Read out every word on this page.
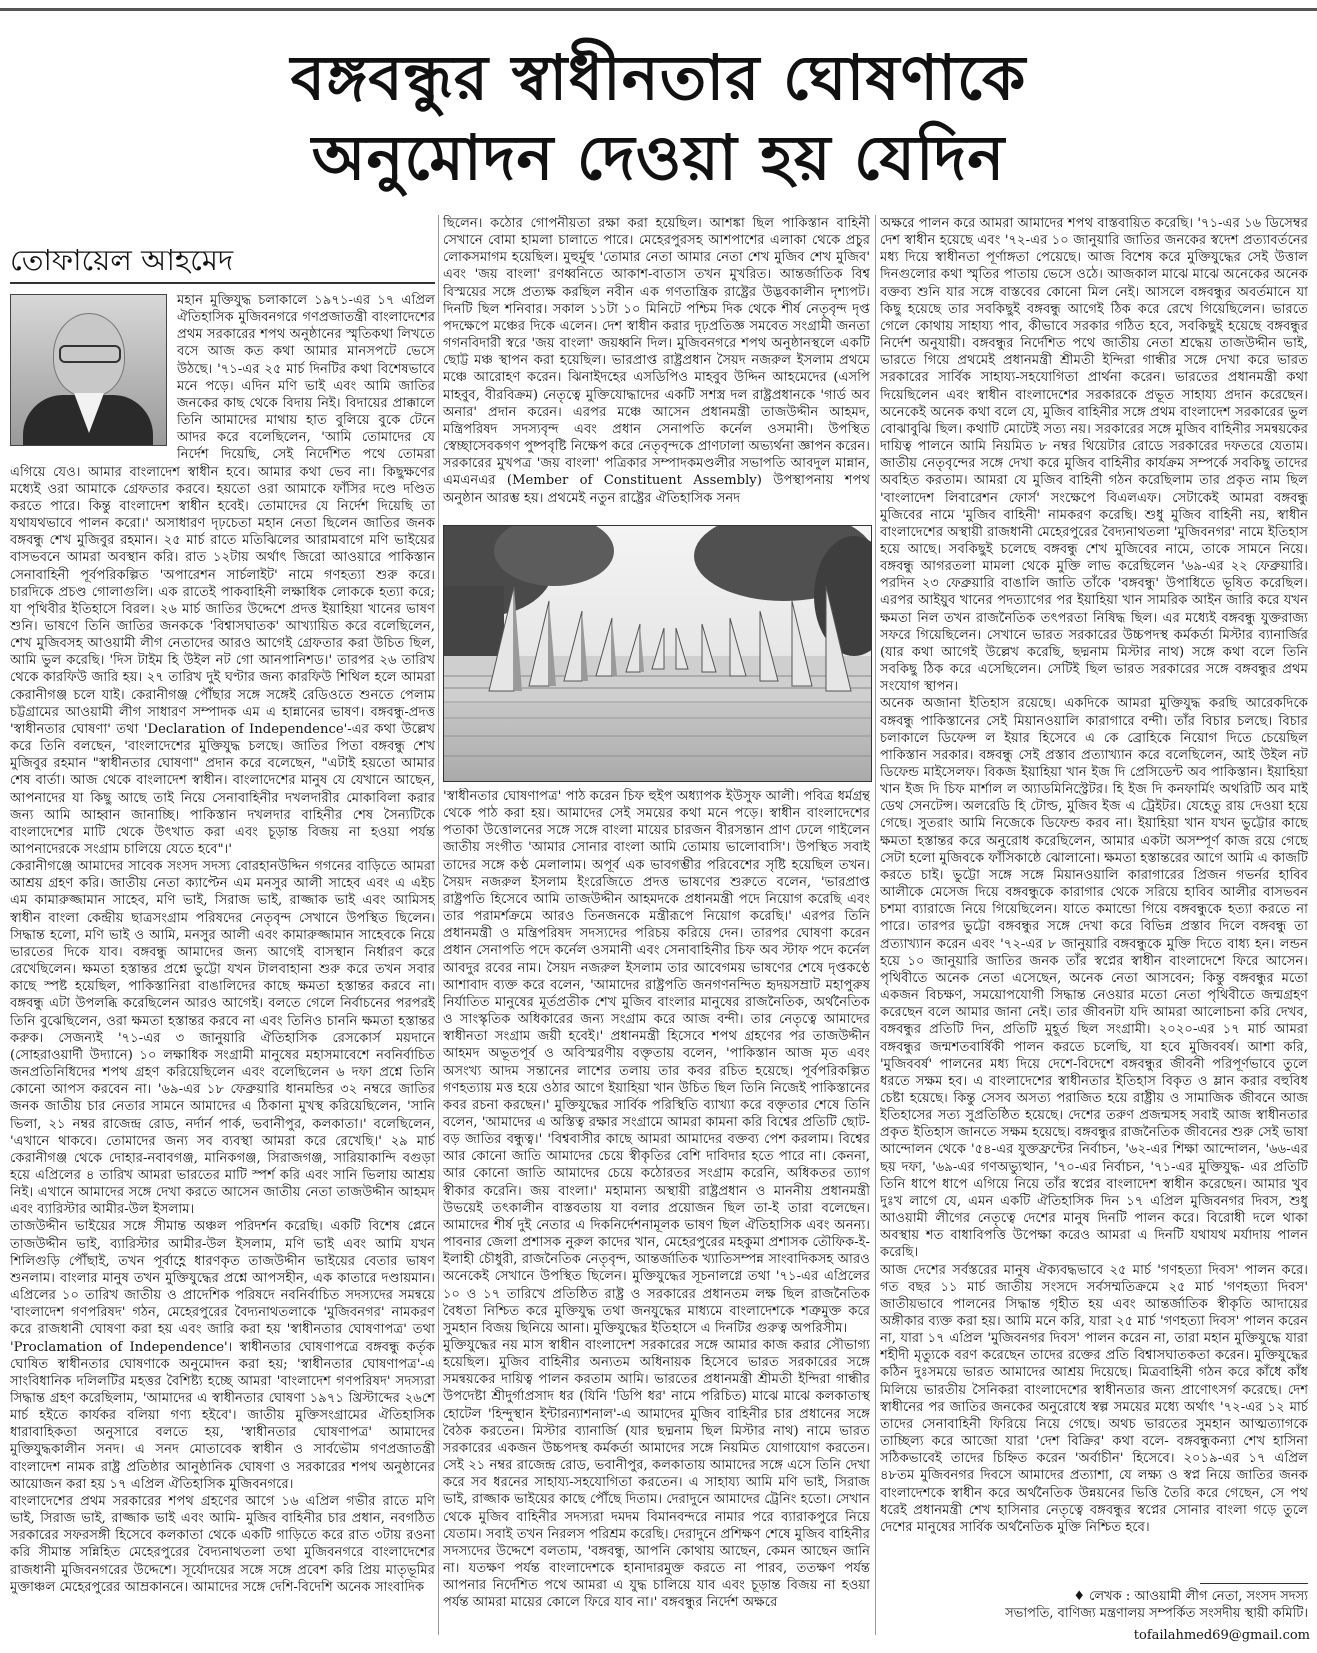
বঙ্গবন্ধুর স্বাধীনতার ঘোষণাকে
অনুমোদন দেওয়া হয় যেদিন
তোফায়েল আহমেদ

মহান মুক্তিযুদ্ধ চলাকালে ১৯৭১-এর ১৭ এপ্রিল ঐতিহাসিক মুজিবনগরে গণপ্রজাতন্ত্রী বাংলাদেশের প্রথম সরকারের শপথ অনুষ্ঠানের স্মৃতিকথা লিখতে বসে আজ কত কথা আমার মানসপটে ভেসে উঠছে। '৭১-এর ২৫ মার্চ দিনটির কথা বিশেষভাবে মনে পড়ে। এদিন মণি ভাই এবং আমি জাতির জনকের কাছ থেকে বিদায় নিই। বিদায়ের প্রাক্কালে তিনি আমাদের মাথায় হাত বুলিয়ে বুকে টেনে আদর করে বলেছিলেন, 'আমি তোমাদের যে নির্দেশ দিয়েছি, সেই নির্দেশিত পথে তোমরা এগিয়ে যেও। আমার বাংলাদেশ স্বাধীন হবে। আমার কথা ভেব না। কিছুক্ষণের মধ্যেই ওরা আমাকে গ্রেফতার করবে। হয়তো ওরা আমাকে ফাঁসির দণ্ডে দণ্ডিত করতে পারে। কিন্তু বাংলাদেশ স্বাধীন হবেই। তোমাদের যে নির্দেশ দিয়েছি তা যথাযথভাবে পালন করো।' অসাধারণ দৃঢ়চেতা মহান নেতা ছিলেন জাতির জনক বঙ্গবন্ধু শেখ মুজিবুর রহমান। ২৫ মার্চ রাতে মতিঝিলের আরামবাগে মণি ভাইয়ের বাসভবনে আমরা অবস্থান করি। রাত ১২টায় অর্থাৎ জিরো আওয়ারে পাকিস্তান সেনাবাহিনী পূর্বপরিকল্পিত 'অপারেশন সার্চলাইট' নামে গণহত্যা শুরু করে। চারদিকে প্রচণ্ড গোলাগুলি। এক রাতেই পাকবাহিনী লক্ষাধিক লোককে হত্যা করে; যা পৃথিবীর ইতিহাসে বিরল। ২৬ মার্চ জাতির উদ্দেশে প্রদত্ত ইয়াহিয়া খানের ভাষণ শুনি। ভাষণে তিনি জাতির জনককে 'বিশ্বাসঘাতক' আখ্যায়িত করে বলেছিলেন, শেখ মুজিবসহ আওয়ামী লীগ নেতাদের আরও আগেই গ্রেফতার করা উচিত ছিল, আমি ভুল করেছি। 'দিস টাইম হি উইল নট গো আনপানিশড।' তারপর ২৬ তারিখ থেকে কারফিউ জারি হয়। ২৭ তারিখ দুই ঘণ্টার জন্য কারফিউ শিথিল হলে আমরা কেরানীগঞ্জ চলে যাই। কেরানীগঞ্জ পৌঁছার সঙ্গে সঙ্গেই রেডিওতে শুনতে পেলাম চট্টগ্রামের আওয়ামী লীগ সাধারণ সম্পাদক এম এ হান্নানের ভাষণ। বঙ্গবন্ধু-প্রদত্ত 'স্বাধীনতার ঘোষণা' তথা 'Declaration of Independence'-এর কথা উল্লেখ করে তিনি বলছেন, 'বাংলাদেশের মুক্তিযুদ্ধ চলছে। জাতির পিতা বঙ্গবন্ধু শেখ মুজিবুর রহমান "স্বাধীনতার ঘোষণা" প্রদান করে বলেছেন, "এটাই হয়তো আমার শেষ বার্তা। আজ থেকে বাংলাদেশ স্বাধীন। বাংলাদেশের মানুষ যে যেখানে আছেন, আপনাদের যা কিছু আছে তাই নিয়ে সেনাবাহিনীর দখলদারীর মোকাবিলা করার জন্য আমি আহ্বান জানাচ্ছি। পাকিস্তান দখলদার বাহিনীর শেষ সৈন্যটিকে বাংলাদেশের মাটি থেকে উৎখাত করা এবং চূড়ান্ত বিজয় না হওয়া পর্যন্ত আপনাদেরকে সংগ্রাম চালিয়ে যেতে হবে"।'

কেরানীগঞ্জে আমাদের সাবেক সংসদ সদস্য বোরহানউদ্দিন গগনের বাড়িতে আমরা আশ্রয় গ্রহণ করি। জাতীয় নেতা ক্যাপ্টেন এম মনসুর আলী সাহেব এবং এ এইচ এম কামারুজ্জামান সাহেব, মণি ভাই, সিরাজ ভাই, রাজ্জাক ভাই এবং আমিসহ স্বাধীন বাংলা কেন্দ্রীয় ছাত্রসংগ্রাম পরিষদের নেতৃবৃন্দ সেখানে উপস্থিত ছিলেন। সিদ্ধান্ত হলো, মণি ভাই ও আমি, মনসুর আলী এবং কামারুজ্জামান সাহেবকে নিয়ে ভারতের দিকে যাব। বঙ্গবন্ধু আমাদের জন্য আগেই বাসস্থান নির্ধারণ করে রেখেছিলেন। ক্ষমতা হস্তান্তর প্রশ্নে ভুট্টো যখন টালবাহানা শুরু করে তখন সবার কাছে স্পষ্ট হয়েছিল, পাকিস্তানিরা বাঙালিদের কাছে ক্ষমতা হস্তান্তর করবে না। বঙ্গবন্ধু এটা উপলব্ধি করেছিলেন আরও আগেই। বলতে গেলে নির্বাচনের পরপরই তিনি বুঝেছিলেন, ওরা ক্ষমতা হস্তান্তর করবে না এবং তিনিও চাননি ক্ষমতা হস্তান্তর করুক। সেজন্যই '৭১-এর ৩ জানুয়ারি ঐতিহাসিক রেসকোর্স ময়দানে (সোহরাওয়ার্দী উদ্যানে) ১০ লক্ষাধিক সংগ্রামী মানুষের মহাসমাবেশে নবনির্বাচিত জনপ্রতিনিধিদের শপথ গ্রহণ করিয়েছিলেন এবং বলেছিলেন ৬ দফা প্রশ্নে তিনি কোনো আপস করবেন না। '৬৯-এর ১৮ ফেব্রুয়ারি ধানমন্ডির ৩২ নম্বরে জাতির জনক জাতীয় চার নেতার সামনে আমাদের এ ঠিকানা মুখস্থ করিয়েছিলেন, 'সানি ভিলা, ২১ নম্বর রাজেন্দ্র রোড, নর্দার্ন পার্ক, ভবানীপুর, কলকাতা।' বলেছিলেন, 'এখানে থাকবে। তোমাদের জন্য সব ব্যবস্থা আমরা করে রেখেছি।' ২৯ মার্চ কেরানীগঞ্জ থেকে দোহার-নবাবগঞ্জ, মানিকগঞ্জ, সিরাজগঞ্জ, সারিয়াকান্দি বগুড়া হয়ে এপ্রিলের ৪ তারিখ আমরা ভারতের মাটি স্পর্শ করি এবং সানি ভিলায় আশ্রয় নিই। এখানে আমাদের সঙ্গে দেখা করতে আসেন জাতীয় নেতা তাজউদ্দীন আহমদ এবং ব্যারিস্টার আমীর-উল ইসলাম।

তাজউদ্দীন ভাইয়ের সঙ্গে সীমান্ত অঞ্চল পরিদর্শন করেছি। একটি বিশেষ প্লেনে তাজউদ্দীন ভাই, ব্যারিস্টার আমীর-উল ইসলাম, মণি ভাই এবং আমি যখন শিলিগুড়ি পৌঁছাই, তখন পূর্বাহ্ণে ধারণকৃত তাজউদ্দীন ভাইয়ের বেতার ভাষণ শুনলাম। বাংলার মানুষ তখন মুক্তিযুদ্ধের প্রশ্নে আপসহীন, এক কাতারে দণ্ডায়মান। এপ্রিলের ১০ তারিখ জাতীয় ও প্রাদেশিক পরিষদে নবনির্বাচিত সদস্যদের সমন্বয়ে 'বাংলাদেশ গণপরিষদ' গঠন, মেহেরপুরের বৈদ্যনাথতলাকে 'মুজিবনগর' নামকরণ করে রাজধানী ঘোষণা করা হয় এবং জারি করা হয় 'স্বাধীনতার ঘোষণাপত্র' তথা 'Proclamation of Independence'। স্বাধীনতার ঘোষণাপত্রে বঙ্গবন্ধু কর্তৃক ঘোষিত স্বাধীনতার ঘোষণাকে অনুমোদন করা হয়; 'স্বাধীনতার ঘোষণাপত্র'-এ সাংবিধানিক দলিলটির মহত্তর বৈশিষ্ট্য হচ্ছে আমরা 'বাংলাদেশ গণপরিষদ' সদস্যরা সিদ্ধান্ত গ্রহণ করেছিলাম, 'আমাদের এ স্বাধীনতার ঘোষণা ১৯৭১ খ্রিস্টাব্দের ২৬শে মার্চ হইতে কার্যকর বলিয়া গণ্য হইবে'। জাতীয় মুক্তিসংগ্রামের ঐতিহাসিক ধারাবাহিকতা অনুসারে বলতে হয়, 'স্বাধীনতার ঘোষণাপত্র' আমাদের মুক্তিযুদ্ধকালীন সনদ। এ সনদ মোতাবেক স্বাধীন ও সার্বভৌম গণপ্রজাতন্ত্রী বাংলাদেশ নামক রাষ্ট্র প্রতিষ্ঠার আনুষ্ঠানিক ঘোষণা ও সরকারের শপথ অনুষ্ঠানের আয়োজন করা হয় ১৭ এপ্রিল ঐতিহাসিক মুজিবনগরে।

বাংলাদেশের প্রথম সরকারের শপথ গ্রহণের আগে ১৬ এপ্রিল গভীর রাতে মণি ভাই, সিরাজ ভাই, রাজ্জাক ভাই এবং আমি- মুজিব বাহিনীর চার প্রধান, নবগঠিত সরকারের সফরসঙ্গী হিসেবে কলকাতা থেকে একটি গাড়িতে করে রাত ৩টায় রওনা করি সীমান্ত সন্নিহিত মেহেরপুরের বৈদ্যনাথতলা তথা মুজিবনগরে বাংলাদেশের রাজধানী মুজিবনগরের উদ্দেশে। সূর্যোদয়ের সঙ্গে সঙ্গে প্রবেশ করি প্রিয় মাতৃভূমির মুক্তাঞ্চল মেহেরপুরের আম্রকাননে। আমাদের সঙ্গে দেশি-বিদেশি অনেক সাংবাদিক

ছিলেন। কঠোর গোপনীয়তা রক্ষা করা হয়েছিল। আশঙ্কা ছিল পাকিস্তান বাহিনী সেখানে বোমা হামলা চালাতে পারে। মেহেরপুরসহ আশপাশের এলাকা থেকে প্রচুর লোকসমাগম হয়েছিল। মুহুর্মুহু 'তোমার নেতা আমার নেতা শেখ মুজিব শেখ মুজিব' এবং 'জয় বাংলা' রণধ্বনিতে আকাশ-বাতাস তখন মুখরিত। আন্তর্জাতিক বিশ্ব বিস্ময়ের সঙ্গে প্রত্যক্ষ করছিল নবীন এক গণতান্ত্রিক রাষ্ট্রের উদ্ভবকালীন দৃশ্যপট। দিনটি ছিল শনিবার। সকাল ১১টা ১০ মিনিটে পশ্চিম দিক থেকে শীর্ষ নেতৃবৃন্দ দৃপ্ত পদক্ষেপে মঞ্চের দিকে এলেন। দেশ স্বাধীন করার দৃঢ়প্রতিজ্ঞ সমবেত সংগ্রামী জনতা গগনবিদারী স্বরে 'জয় বাংলা' জয়ধ্বনি দিল। মুজিবনগরে শপথ অনুষ্ঠানস্থলে একটি ছোট্ট মঞ্চ স্থাপন করা হয়েছিল। ভারপ্রাপ্ত রাষ্ট্রপ্রধান সৈয়দ নজরুল ইসলাম প্রথমে মঞ্চে আরোহণ করেন। ঝিনাইদহের এসডিপিও মাহবুব উদ্দিন আহমেদের (এসপি মাহবুব, বীরবিক্রম) নেতৃত্বে মুক্তিযোদ্ধাদের একটি সশস্ত্র দল রাষ্ট্রপ্রধানকে 'গার্ড অব অনার' প্রদান করেন। এরপর মঞ্চে আসেন প্রধানমন্ত্রী তাজউদ্দীন আহমদ, মন্ত্রিপরিষদ সদস্যবৃন্দ এবং প্রধান সেনাপতি কর্নেল ওসমানী। উপস্থিত স্বেচ্ছাসেবকগণ পুষ্পবৃষ্টি নিক্ষেপ করে নেতৃবৃন্দকে প্রাণঢালা অভ্যর্থনা জ্ঞাপন করেন। সরকারের মুখপত্র 'জয় বাংলা' পত্রিকার সম্পাদকমণ্ডলীর সভাপতি আবদুল মান্নান, এমএনএর (Member of Constituent Assembly) উপস্থাপনায় শপথ অনুষ্ঠান আরম্ভ হয়। প্রথমেই নতুন রাষ্ট্রের ঐতিহাসিক সনদ

'স্বাধীনতার ঘোষণাপত্র' পাঠ করেন চিফ হুইপ অধ্যাপক ইউসুফ আলী। পবিত্র ধর্মগ্রন্থ থেকে পাঠ করা হয়। আমাদের সেই সময়ের কথা মনে পড়ে। স্বাধীন বাংলাদেশের পতাকা উত্তোলনের সঙ্গে সঙ্গে বাংলা মায়ের চারজন বীরসন্তান প্রাণ ঢেলে গাইলেন জাতীয় সংগীত 'আমার সোনার বাংলা আমি তোমায় ভালোবাসি'। উপস্থিত সবাই তাদের সঙ্গে কণ্ঠ মেলালাম। অপূর্ব এক ভাবগম্ভীর পরিবেশের সৃষ্টি হয়েছিল তখন। সৈয়দ নজরুল ইসলাম ইংরেজিতে প্রদত্ত ভাষণের শুরুতে বলেন, 'ভারপ্রাপ্ত রাষ্ট্রপতি হিসেবে আমি তাজউদ্দীন আহমদকে প্রধানমন্ত্রী পদে নিয়োগ করেছি এবং তার পরামর্শক্রমে আরও তিনজনকে মন্ত্রীরূপে নিয়োগ করেছি।' এরপর তিনি প্রধানমন্ত্রী ও মন্ত্রিপরিষদ সদস্যদের পরিচয় করিয়ে দেন। তারপর ঘোষণা করেন প্রধান সেনাপতি পদে কর্নেল ওসমানী এবং সেনাবাহিনীর চিফ অব স্টাফ পদে কর্নেল আবদুর রবের নাম। সৈয়দ নজরুল ইসলাম তার আবেগময় ভাষণের শেষে দৃপ্তকণ্ঠে আশাবাদ ব্যক্ত করে বলেন, 'আমাদের রাষ্ট্রপতি জনগণনন্দিত হৃদয়সম্রাট মহাপুরুষ নির্যাতিত মানুষের মূর্তপ্রতীক শেখ মুজিব বাংলার মানুষের রাজনৈতিক, অর্থনৈতিক ও সাংস্কৃতিক অধিকারের জন্য সংগ্রাম করে আজ বন্দী। তার নেতৃত্বে আমাদের স্বাধীনতা সংগ্রাম জয়ী হবেই।' প্রধানমন্ত্রী হিসেবে শপথ গ্রহণের পর তাজউদ্দীন আহমদ অভূতপূর্ব ও অবিস্মরণীয় বক্তৃতায় বলেন, 'পাকিস্তান আজ মৃত এবং অসংখ্য আদম সন্তানের লাশের তলায় তার কবর রচিত হয়েছে। পূর্বপরিকল্পিত গণহত্যায় মত্ত হয়ে ওঠার আগে ইয়াহিয়া খান উচিত ছিল তিনি নিজেই পাকিস্তানের কবর রচনা করছেন।' মুক্তিযুদ্ধের সার্বিক পরিস্থিতি ব্যাখ্যা করে বক্তৃতার শেষে তিনি বলেন, 'আমাদের এ অস্তিত্ব রক্ষার সংগ্রামে আমরা কামনা করি বিশ্বের প্রতিটি ছোট-বড় জাতির বন্ধুত্ব।' 'বিশ্ববাসীর কাছে আমরা আমাদের বক্তব্য পেশ করলাম। বিশ্বের আর কোনো জাতি আমাদের চেয়ে স্বীকৃতির বেশি দাবিদার হতে পারে না। কেননা, আর কোনো জাতি আমাদের চেয়ে কঠোরতর সংগ্রাম করেনি, অধিকতর ত্যাগ স্বীকার করেনি। জয় বাংলা।' মহামান্য অস্থায়ী রাষ্ট্রপ্রধান ও মাননীয় প্রধানমন্ত্রী উভয়েই তৎকালীন বাস্তবতায় যা বলার প্রয়োজন ছিল তা-ই তারা বলেছেন। আমাদের শীর্ষ দুই নেতার এ দিকনির্দেশনামূলক ভাষণ ছিল ঐতিহাসিক এবং অনন্য। পাবনার জেলা প্রশাসক নুরুল কাদের খান, মেহেরপুরের মহকুমা প্রশাসক তৌফিক-ই-ইলাহী চৌধুরী, রাজনৈতিক নেতৃবৃন্দ, আন্তর্জাতিক খ্যাতিসম্পন্ন সাংবাদিকসহ আরও অনেকেই সেখানে উপস্থিত ছিলেন। মুক্তিযুদ্ধের সূচনালগ্নে তথা '৭১-এর এপ্রিলের ১০ ও ১৭ তারিখে প্রতিষ্ঠিত রাষ্ট্র ও সরকারের প্রধানতম লক্ষ ছিল রাজনৈতিক বৈধতা নিশ্চিত করে মুক্তিযুদ্ধ তথা জনযুদ্ধের মাধ্যমে বাংলাদেশকে শত্রুমুক্ত করে সুমহান বিজয় ছিনিয়ে আনা। মুক্তিযুদ্ধের ইতিহাসে এ দিনটির গুরুত্ব অপরিসীম।

মুক্তিযুদ্ধের নয় মাস স্বাধীন বাংলাদেশ সরকারের সঙ্গে আমার কাজ করার সৌভাগ্য হয়েছিল। মুজিব বাহিনীর অন্যতম অধিনায়ক হিসেবে ভারত সরকারের সঙ্গে সমন্বয়কের দায়িত্ব পালন করতাম আমি। ভারতের প্রধানমন্ত্রী শ্রীমতী ইন্দিরা গান্ধীর উপদেষ্টা শ্রীদুর্গাপ্রসাদ ধর (যিনি 'ডিপি ধর' নামে পরিচিত) মাঝে মাঝে কলকাতাস্থ হোটেল 'হিন্দুস্থান ইন্টারন্যাশনাল'-এ আমাদের মুজিব বাহিনীর চার প্রধানের সঙ্গে বৈঠক করতেন। মিস্টার ব্যানার্জি (যার ছদ্মনাম ছিল মিস্টার নাথ) নামে ভারত সরকারের একজন উচ্চপদস্থ কর্মকর্তা আমাদের সঙ্গে নিয়মিত যোগাযোগ করতেন। সেই ২১ নম্বর রাজেন্দ্র রোড, ভবানীপুর, কলকাতায় আমাদের সঙ্গে এসে তিনি দেখা করে সব ধরনের সাহায্য-সহযোগিতা করতেন। এ সাহায্য আমি মণি ভাই, সিরাজ ভাই, রাজ্জাক ভাইয়ের কাছে পৌঁছে দিতাম। দেরাদুনে আমাদের ট্রেনিং হতো। সেখান থেকে মুজিব বাহিনীর সদস্যরা দমদম বিমানবন্দরে নামার পরে ব্যারাকপুরে নিয়ে যেতাম। সবাই তখন নিরলস পরিশ্রম করেছি। দেরাদুনে প্রশিক্ষণ শেষে মুজিব বাহিনীর সদস্যদের উদ্দেশে বলতাম, 'বঙ্গবন্ধু, আপনি কোথায় আছেন, কেমন আছেন জানি না। যতক্ষণ পর্যন্ত বাংলাদেশকে হানাদারমুক্ত করতে না পারব, ততক্ষণ পর্যন্ত আপনার নির্দেশিত পথে আমরা এ যুদ্ধ চালিয়ে যাব এবং চূড়ান্ত বিজয় না হওয়া পর্যন্ত আমরা মায়ের কোলে ফিরে যাব না।' বঙ্গবন্ধুর নির্দেশ অক্ষরে

অক্ষরে পালন করে আমরা আমাদের শপথ বাস্তবায়িত করেছি। '৭১-এর ১৬ ডিসেম্বর দেশ স্বাধীন হয়েছে এবং '৭২-এর ১০ জানুয়ারি জাতির জনকের স্বদেশ প্রত্যাবর্তনের মধ্য দিয়ে স্বাধীনতা পূর্ণাঙ্গতা পেয়েছে। আজ বিশেষ করে মুক্তিযুদ্ধের সেই উত্তাল দিনগুলোর কথা স্মৃতির পাতায় ভেসে ওঠে। আজকাল মাঝে মাঝে অনেকের অনেক বক্তব্য শুনি যার সঙ্গে বাস্তবের কোনো মিল নেই। আসলে বঙ্গবন্ধুর অবর্তমানে যা কিছু হয়েছে তার সবকিছুই বঙ্গবন্ধু আগেই ঠিক করে রেখে গিয়েছিলেন। ভারতে গেলে কোথায় সাহায্য পাব, কীভাবে সরকার গঠিত হবে, সবকিছুই হয়েছে বঙ্গবন্ধুর নির্দেশ অনুযায়ী। বঙ্গবন্ধুর নির্দেশিত পথে জাতীয় নেতা শ্রদ্ধেয় তাজউদ্দীন ভাই, ভারতে গিয়ে প্রথমেই প্রধানমন্ত্রী শ্রীমতী ইন্দিরা গান্ধীর সঙ্গে দেখা করে ভারত সরকারের সার্বিক সাহায্য-সহযোগিতা প্রার্থনা করেন। ভারতের প্রধানমন্ত্রী কথা দিয়েছিলেন এবং স্বাধীন বাংলাদেশের সরকারকে প্রভূত সাহায্য প্রদান করেছেন। অনেকেই অনেক কথা বলে যে, মুজিব বাহিনীর সঙ্গে প্রথম বাংলাদেশ সরকারের ভুল বোঝাবুঝি ছিল। কথাটি মোটেই সত্য নয়। সরকারের সঙ্গে মুজিব বাহিনীর সমন্বয়কের দায়িত্ব পালনে আমি নিয়মিত ৮ নম্বর থিয়েটার রোডে সরকারের দফতরে যেতাম। জাতীয় নেতৃবৃন্দের সঙ্গে দেখা করে মুজিব বাহিনীর কার্যক্রম সম্পর্কে সবকিছু তাদের অবহিত করতাম। আমরা যে মুজিব বাহিনী গঠন করেছিলাম তার প্রকৃত নাম ছিল 'বাংলাদেশ লিবারেশন ফোর্স' সংক্ষেপে বিএলএফ। সেটাকেই আমরা বঙ্গবন্ধু মুজিবের নামে 'মুজিব বাহিনী' নামকরণ করেছি। শুধু মুজিব বাহিনী নয়, স্বাধীন বাংলাদেশের অস্থায়ী রাজধানী মেহেরপুরের বৈদ্যনাথতলা 'মুজিবনগর' নামে ইতিহাস হয়ে আছে। সবকিছুই চলেছে বঙ্গবন্ধু শেখ মুজিবের নামে, তাকে সামনে নিয়ে। বঙ্গবন্ধু আগরতলা মামলা থেকে মুক্তি লাভ করেছিলেন '৬৯-এর ২২ ফেব্রুয়ারি। পরদিন ২৩ ফেব্রুয়ারি বাঙালি জাতি তাঁকে 'বঙ্গবন্ধু' উপাধিতে ভূষিত করেছিল। এরপর আইয়ুব খানের পদত্যাগের পর ইয়াহিয়া খান সামরিক আইন জারি করে যখন ক্ষমতা নিল তখন রাজনৈতিক তৎপরতা নিষিদ্ধ ছিল। এর মধ্যেই বঙ্গবন্ধু যুক্তরাজ্য সফরে গিয়েছিলেন। সেখানে ভারত সরকারের উচ্চপদস্থ কর্মকর্তা মিস্টার ব্যানার্জির (যার কথা আগেই উল্লেখ করেছি, ছদ্মনাম মিস্টার নাথ) সঙ্গে কথা বলে তিনি সবকিছু ঠিক করে এসেছিলেন। সেটিই ছিল ভারত সরকারের সঙ্গে বঙ্গবন্ধুর প্রথম সংযোগ স্থাপন।

অনেক অজানা ইতিহাস রয়েছে। একদিকে আমরা মুক্তিযুদ্ধ করছি আরেকদিকে বঙ্গবন্ধু পাকিস্তানের সেই মিয়ানওয়ালি কারাগারে বন্দী। তাঁর বিচার চলছে। বিচার চলাকালে ডিফেন্স ল ইয়ার হিসেবে এ কে ব্রোহিকে নিয়োগ দিতে চেয়েছিল পাকিস্তান সরকার। বঙ্গবন্ধু সেই প্রস্তাব প্রত্যাখ্যান করে বলেছিলেন, আই উইল নট ডিফেন্ড মাইসেলফ। বিকজ ইয়াহিয়া খান ইজ দি প্রেসিডেন্ট অব পাকিস্তান। ইয়াহিয়া খান ইজ দি চিফ মার্শাল ল অ্যাডমিনিস্ট্রেটর। হি ইজ দি কনফার্মিং অথরিটি অব মাই ডেথ সেনটেন্স। অলরেডি হি টোল্ড, মুজিব ইজ এ ট্রেইটর। যেহেতু রায় দেওয়া হয়ে গেছে। সুতরাং আমি নিজেকে ডিফেন্ড করব না। ইয়াহিয়া খান যখন ভুট্টোর কাছে ক্ষমতা হস্তান্তর করে অনুরোধ করেছিলেন, আমার একটা অসম্পূর্ণ কাজ রয়ে গেছে সেটা হলো মুজিবকে ফাঁসিকাষ্ঠে ঝোলানো। ক্ষমতা হস্তান্তরের আগে আমি এ কাজটি করতে চাই। ভুট্টো সঙ্গে সঙ্গে মিয়ানওয়ালি কারাগারের প্রিজন গভর্নর হাবিব আলীকে মেসেজ দিয়ে বঙ্গবন্ধুকে কারাগার থেকে সরিয়ে হাবিব আলীর বাসভবন চশমা ব্যারাজে নিয়ে গিয়েছিলেন। যাতে কমান্ডো গিয়ে বঙ্গবন্ধুকে হত্যা করতে না পারে। তারপর ভুট্টো বঙ্গবন্ধুর সঙ্গে দেখা করে বিভিন্ন প্রস্তাব দিলে বঙ্গবন্ধু তা প্রত্যাখ্যান করেন এবং '৭২-এর ৮ জানুয়ারি বঙ্গবন্ধুকে মুক্তি দিতে বাধ্য হন। লন্ডন হয়ে ১০ জানুয়ারি জাতির জনক তাঁর স্বপ্নের স্বাধীন বাংলাদেশে ফিরে আসেন। পৃথিবীতে অনেক নেতা এসেছেন, অনেক নেতা আসবেন; কিন্তু বঙ্গবন্ধুর মতো একজন বিচক্ষণ, সময়োপযোগী সিদ্ধান্ত নেওয়ার মতো নেতা পৃথিবীতে জন্মগ্রহণ করেছেন বলে আমার জানা নেই। তার জীবনটা যদি আমরা আলোচনা করি দেখব, বঙ্গবন্ধুর প্রতিটি দিন, প্রতিটি মুহূর্ত ছিল সংগ্রামী। ২০২০-এর ১৭ মার্চ আমরা বঙ্গবন্ধুর জন্মশতবার্ষিকী পালন করতে চলেছি, যা হবে মুজিববর্ষ। আশা করি, 'মুজিববর্ষ' পালনের মধ্য দিয়ে দেশে-বিদেশে বঙ্গবন্ধুর জীবনী পরিপূর্ণভাবে তুলে ধরতে সক্ষম হব। এ বাংলাদেশের স্বাধীনতার ইতিহাস বিকৃত ও ম্লান করার বহুবিধ চেষ্টা হয়েছে। কিন্তু সেসব অসত্য পরাজিত হয়ে রাষ্ট্রীয় ও সামাজিক জীবনে আজ ইতিহাসের সত্য সুপ্রতিষ্ঠিত হয়েছে। দেশের তরুণ প্রজন্মসহ সবাই আজ স্বাধীনতার প্রকৃত ইতিহাস জানতে সক্ষম হয়েছে। বঙ্গবন্ধুর রাজনৈতিক জীবনের শুরু সেই ভাষা আন্দোলন থেকে '৫৪-এর যুক্তফ্রন্টের নির্বাচন, '৬২-এর শিক্ষা আন্দোলন, '৬৬-এর ছয় দফা, '৬৯-এর গণঅভ্যুত্থান, '৭০-এর নির্বাচন, '৭১-এর মুক্তিযুদ্ধ- এর প্রতিটি তিনি ধাপে ধাপে এগিয়ে নিয়ে তাঁর স্বপ্নের বাংলাদেশ স্বাধীন করেছেন। আমার খুব দুঃখ লাগে যে, এমন একটি ঐতিহাসিক দিন ১৭ এপ্রিল মুজিবনগর দিবস, শুধু আওয়ামী লীগের নেতৃত্বে দেশের মানুষ দিনটি পালন করে। বিরোধী দলে থাকা অবস্থায় শত বাধাবিপত্তি উপেক্ষা করেও আমরা এ দিনটি যথাযথ মর্যাদায় পালন করেছি।

আজ দেশের সর্বস্তরের মানুষ ঐক্যবদ্ধভাবে ২৫ মার্চ 'গণহত্যা দিবস' পালন করে। গত বছর ১১ মার্চ জাতীয় সংসদে সর্বসম্মতিক্রমে ২৫ মার্চ 'গণহত্যা দিবস' জাতীয়ভাবে পালনের সিদ্ধান্ত গৃহীত হয় এবং আন্তর্জাতিক স্বীকৃতি আদায়ের অঙ্গীকার ব্যক্ত করা হয়। আমি মনে করি, যারা ২৫ মার্চ 'গণহত্যা দিবস' পালন করেন না, যারা ১৭ এপ্রিল 'মুজিবনগর দিবস' পালন করেন না, তারা মহান মুক্তিযুদ্ধে যারা শহীদী মৃত্যুকে বরণ করেছেন তাদের রক্তের প্রতি বিশ্বাসঘাতকতা করেন। মুক্তিযুদ্ধের কঠিন দুঃসময়ে ভারত আমাদের আশ্রয় দিয়েছে। মিত্রবাহিনী গঠন করে কাঁধে কাঁধ মিলিয়ে ভারতীয় সৈনিকরা বাংলাদেশের স্বাধীনতার জন্য প্রাণোৎসর্গ করেছে। দেশ স্বাধীনের পর জাতির জনকের অনুরোধে স্বল্প সময়ের মধ্যে অর্থাৎ '৭২-এর ১২ মার্চ তাদের সেনাবাহিনী ফিরিয়ে নিয়ে গেছে। অথচ ভারতের সুমহান আত্মত্যাগকে তাচ্ছিল্য করে আজো যারা 'দেশ বিক্রির' কথা বলে- বঙ্গবন্ধুকন্যা শেখ হাসিনা সঠিকভাবেই তাদের চিহ্নিত করেন 'অর্বাচীন' হিসেবে। ২০১৯-এর ১৭ এপ্রিল ৪৮তম মুজিবনগর দিবসে আমাদের প্রত্যাশা, যে লক্ষ্য ও স্বপ্ন নিয়ে জাতির জনক বাংলাদেশকে স্বাধীন করে অর্থনৈতিক উন্নয়নের ভিত্তি তৈরি করে গেছেন, সে পথ ধরেই প্রধানমন্ত্রী শেখ হাসিনার নেতৃত্বে বঙ্গবন্ধুর স্বপ্নের সোনার বাংলা গড়ে তুলে দেশের মানুষের সার্বিক অর্থনৈতিক মুক্তি নিশ্চিত হবে।

♦ লেখক : আওয়ামী লীগ নেতা, সংসদ সদস্য
সভাপতি, বাণিজ্য মন্ত্রণালয় সম্পর্কিত সংসদীয় স্থায়ী কমিটি।
tofailahmed69@gmail.com
